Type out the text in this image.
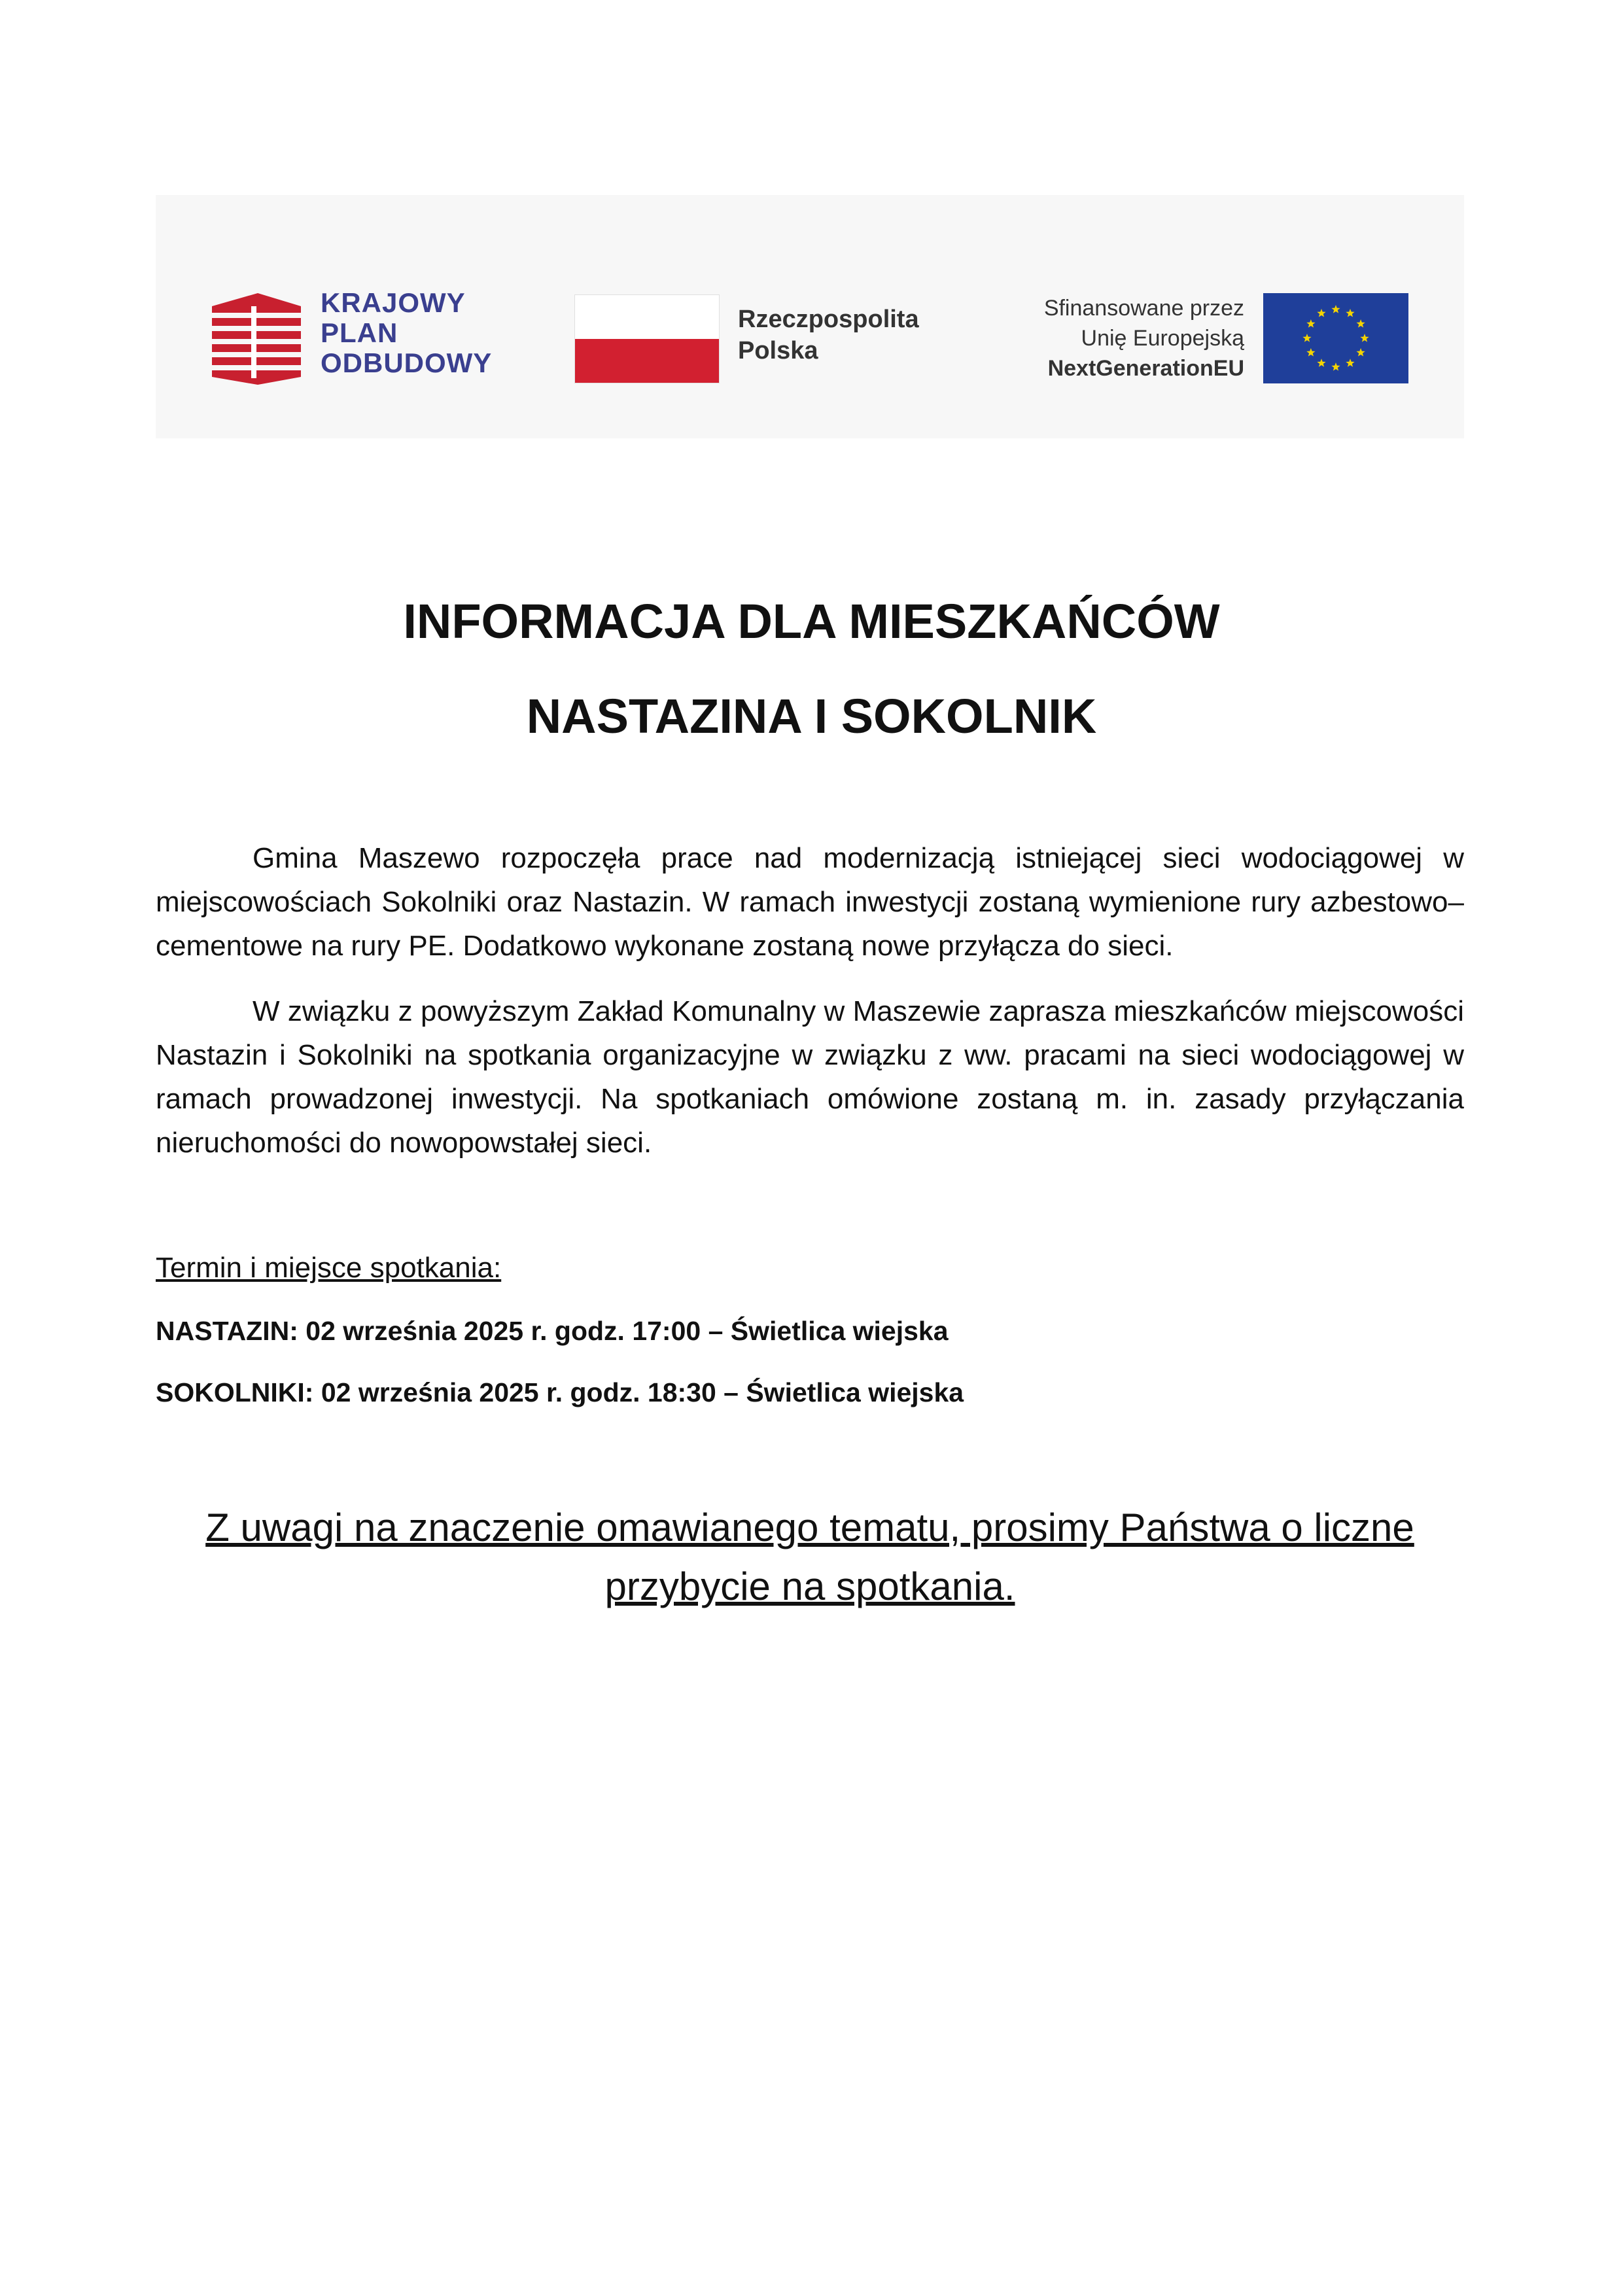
KRAJOWY
PLAN
ODBUDOWY
Rzeczpospolita
Polska
Sfinansowane przez
Unię Europejską
NextGenerationEU
INFORMACJA DLA MIESZKAŃCÓW
NASTAZINA I SOKOLNIK
Gmina Maszewo rozpoczęła prace nad modernizacją istniejącej sieci wodociągowej w miejscowościach Sokolniki oraz Nastazin. W ramach inwestycji zostaną wymienione rury azbestowo–cementowe na rury PE. Dodatkowo wykonane zostaną nowe przyłącza do sieci.
W związku z powyższym Zakład Komunalny w Maszewie zaprasza mieszkańców miejscowości Nastazin i Sokolniki na spotkania organizacyjne w związku z ww. pracami na sieci wodociągowej w ramach prowadzonej inwestycji. Na spotkaniach omówione zostaną m. in. zasady przyłączania nieruchomości do nowopowstałej sieci.
Termin i miejsce spotkania:
NASTAZIN: 02 września 2025 r. godz. 17:00 – Świetlica wiejska
SOKOLNIKI: 02 września 2025 r. godz. 18:30 – Świetlica wiejska
Z uwagi na znaczenie omawianego tematu, prosimy Państwa o liczne przybycie na spotkania.
